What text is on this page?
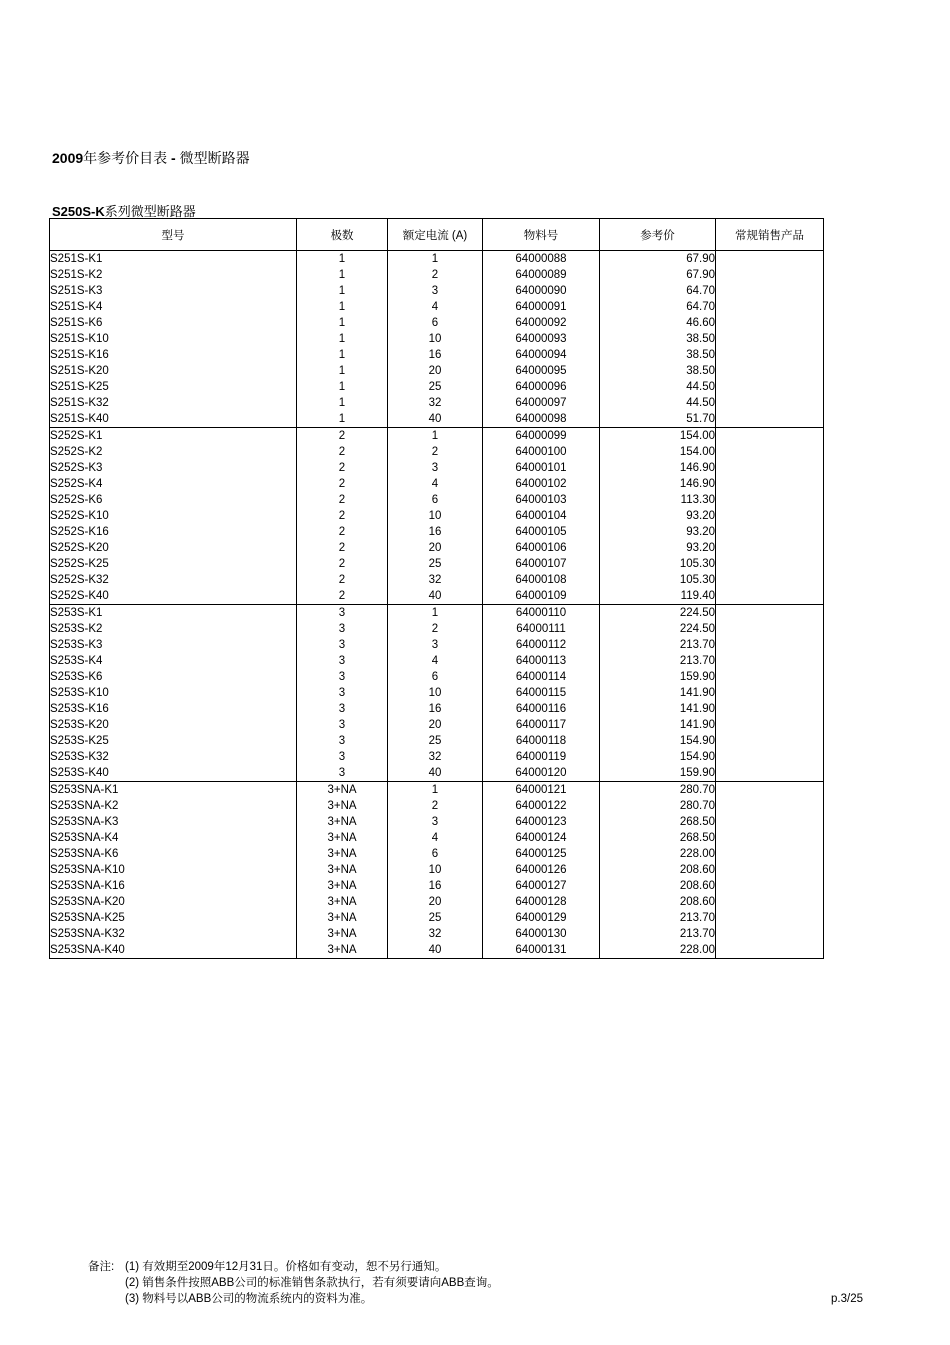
2009年参考价目表 - 微型断路器
S250S-K系列微型断路器
型号	极数	额定电流 (A)	物料号	参考价	常规销售产品
S251S-K1	1	1	64000088	67.90	
S251S-K2	1	2	64000089	67.90	
S251S-K3	1	3	64000090	64.70	
S251S-K4	1	4	64000091	64.70	
S251S-K6	1	6	64000092	46.60	
S251S-K10	1	10	64000093	38.50	
S251S-K16	1	16	64000094	38.50	
S251S-K20	1	20	64000095	38.50	
S251S-K25	1	25	64000096	44.50	
S251S-K32	1	32	64000097	44.50	
S251S-K40	1	40	64000098	51.70	
S252S-K1	2	1	64000099	154.00	
S252S-K2	2	2	64000100	154.00	
S252S-K3	2	3	64000101	146.90	
S252S-K4	2	4	64000102	146.90	
S252S-K6	2	6	64000103	113.30	
S252S-K10	2	10	64000104	93.20	
S252S-K16	2	16	64000105	93.20	
S252S-K20	2	20	64000106	93.20	
S252S-K25	2	25	64000107	105.30	
S252S-K32	2	32	64000108	105.30	
S252S-K40	2	40	64000109	119.40	
S253S-K1	3	1	64000110	224.50	
S253S-K2	3	2	64000111	224.50	
S253S-K3	3	3	64000112	213.70	
S253S-K4	3	4	64000113	213.70	
S253S-K6	3	6	64000114	159.90	
S253S-K10	3	10	64000115	141.90	
S253S-K16	3	16	64000116	141.90	
S253S-K20	3	20	64000117	141.90	
S253S-K25	3	25	64000118	154.90	
S253S-K32	3	32	64000119	154.90	
S253S-K40	3	40	64000120	159.90	
S253SNA-K1	3+NA	1	64000121	280.70	
S253SNA-K2	3+NA	2	64000122	280.70	
S253SNA-K3	3+NA	3	64000123	268.50	
S253SNA-K4	3+NA	4	64000124	268.50	
S253SNA-K6	3+NA	6	64000125	228.00	
S253SNA-K10	3+NA	10	64000126	208.60	
S253SNA-K16	3+NA	16	64000127	208.60	
S253SNA-K20	3+NA	20	64000128	208.60	
S253SNA-K25	3+NA	25	64000129	213.70	
S253SNA-K32	3+NA	32	64000130	213.70	
S253SNA-K40	3+NA	40	64000131	228.00	
备注: (1) 有效期至2009年12月31日。价格如有变动，恕不另行通知。
(2) 销售条件按照ABB公司的标准销售条款执行，若有须要请向ABB查询。
(3) 物料号以ABB公司的物流系统内的资料为准。	p.3/25
